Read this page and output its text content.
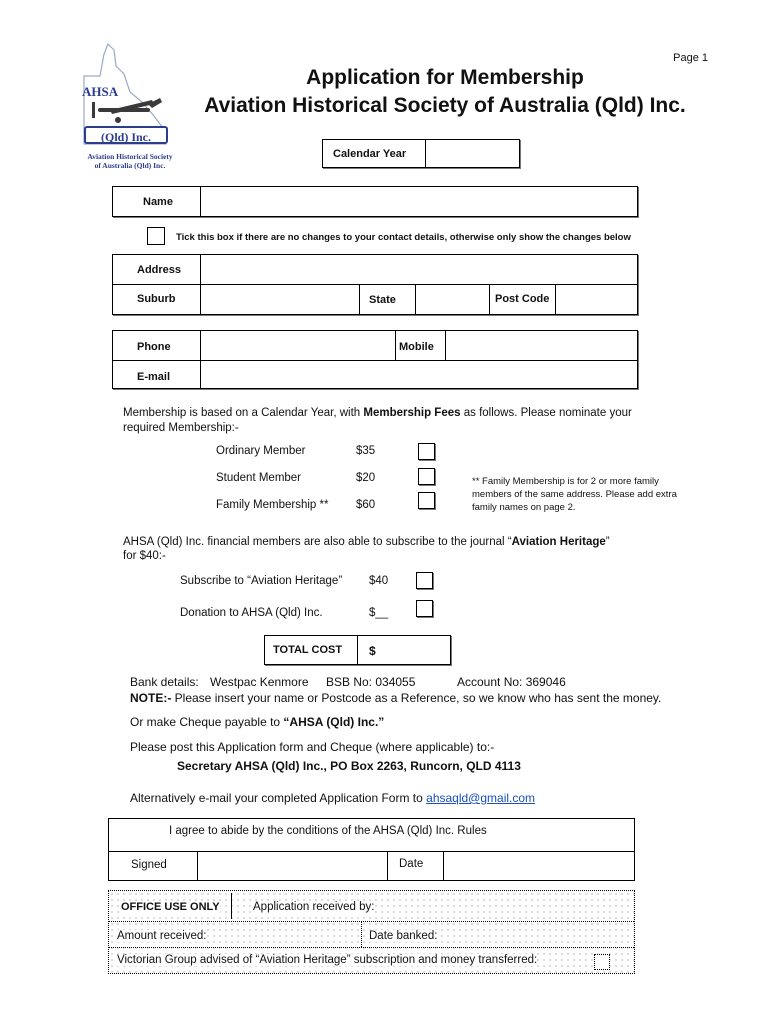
Page 1
AHSA
(Qld) Inc.
Aviation Historical Society
of Australia (Qld) Inc.
Application for Membership
Aviation Historical Society of Australia (Qld) Inc.
Calendar Year
Name
Tick this box if there are no changes to your contact details, otherwise only show the changes below
Address
Suburb	State	Post Code
Phone	Mobile
E-mail
Membership is based on a Calendar Year, with Membership Fees as follows. Please nominate your
required Membership:-
Ordinary Member	$35
Student Member	$20
Family Membership ** $60
** Family Membership is for 2 or more family
members of the same address. Please add extra
family names on page 2.
AHSA (Qld) Inc. financial members are also able to subscribe to the journal “Aviation Heritage”
for $40:-
Subscribe to “Aviation Heritage” $40
Donation to AHSA (Qld) Inc.	$__
TOTAL COST $
Bank details: Westpac Kenmore BSB No: 034055	Account No: 369046
NOTE:- Please insert your name or Postcode as a Reference, so we know who has sent the money.
Or make Cheque payable to “AHSA (Qld) Inc.”
Please post this Application form and Cheque (where applicable) to:-
Secretary AHSA (Qld) Inc., PO Box 2263, Runcorn, QLD 4113
Alternatively e-mail your completed Application Form to ahsaqld@gmail.com
I agree to abide by the conditions of the AHSA (Qld) Inc. Rules
Signed	Date
OFFICE USE ONLY	Application received by:
Amount received:	Date banked:
Victorian Group advised of “Aviation Heritage” subscription and money transferred:
